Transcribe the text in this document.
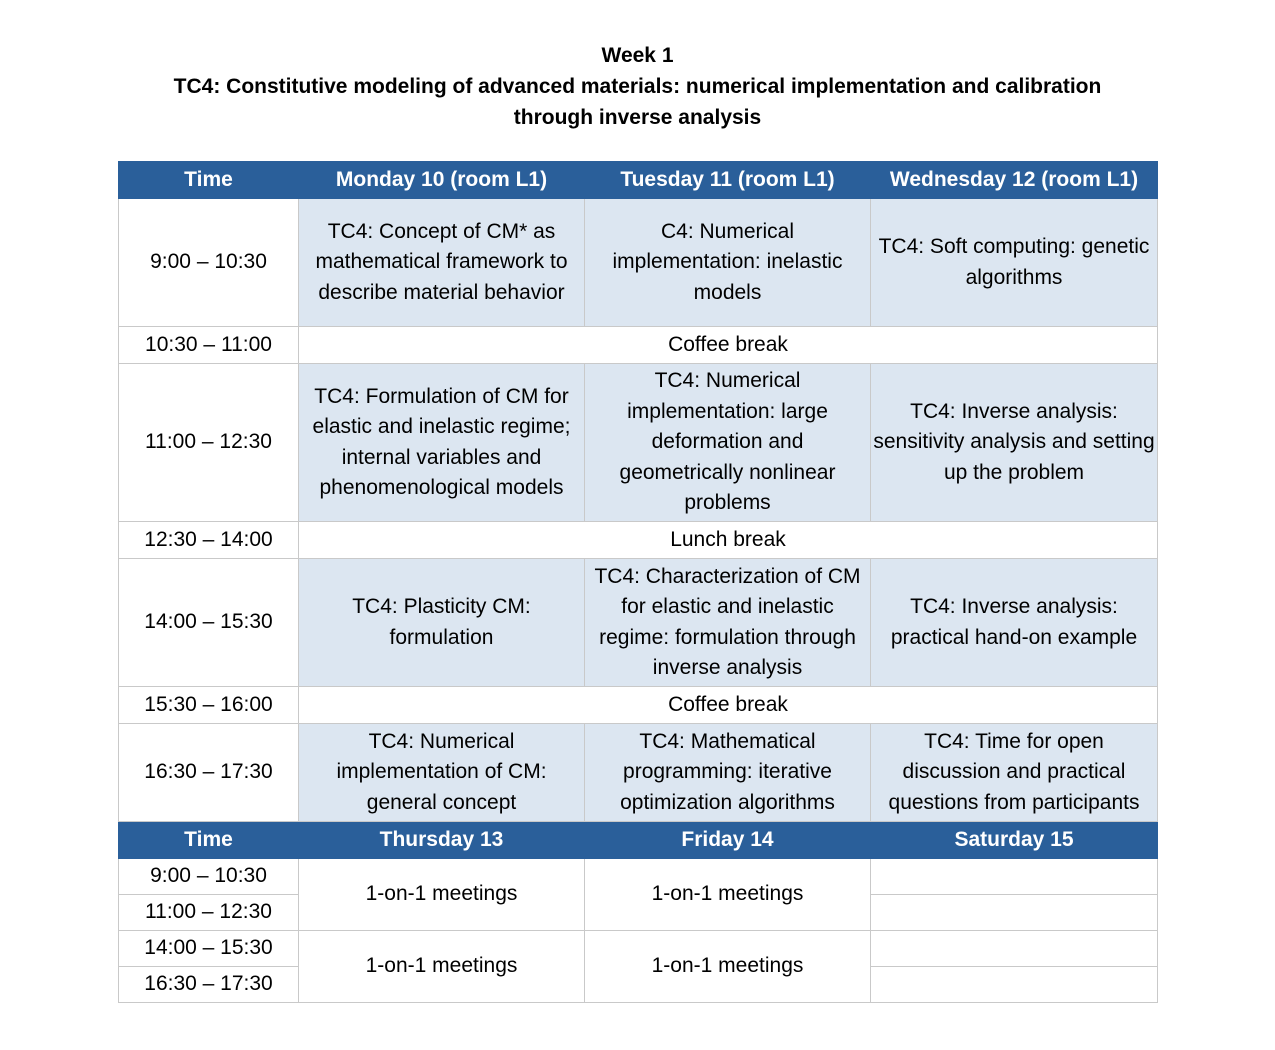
Week 1
TC4: Constitutive modeling of advanced materials: numerical implementation and calibration
through inverse analysis
Time	Monday 10 (room L1)	Tuesday 11 (room L1)	Wednesday 12 (room L1)
9:00 – 10:30	TC4: Concept of CM* as mathematical framework to describe material behavior	C4: Numerical implementation: inelastic models	TC4: Soft computing: genetic algorithms
10:30 – 11:00	Coffee break		
11:00 – 12:30	TC4: Formulation of CM for elastic and inelastic regime; internal variables and phenomenological models	TC4: Numerical implementation: large deformation and geometrically nonlinear problems	TC4: Inverse analysis: sensitivity analysis and setting up the problem
12:30 – 14:00	Lunch break		
14:00 – 15:30	TC4: Plasticity CM: formulation	TC4: Characterization of CM for elastic and inelastic regime: formulation through inverse analysis	TC4: Inverse analysis: practical hand-on example
15:30 – 16:00	Coffee break		
16:30 – 17:30	TC4: Numerical implementation of CM: general concept	TC4: Mathematical programming: iterative optimization algorithms	TC4: Time for open discussion and practical questions from participants
Time	Thursday 13	Friday 14	Saturday 15
9:00 – 10:30	1-on-1 meetings	1-on-1 meetings	
11:00 – 12:30			
14:00 – 15:30	1-on-1 meetings	1-on-1 meetings	
16:30 – 17:30			
